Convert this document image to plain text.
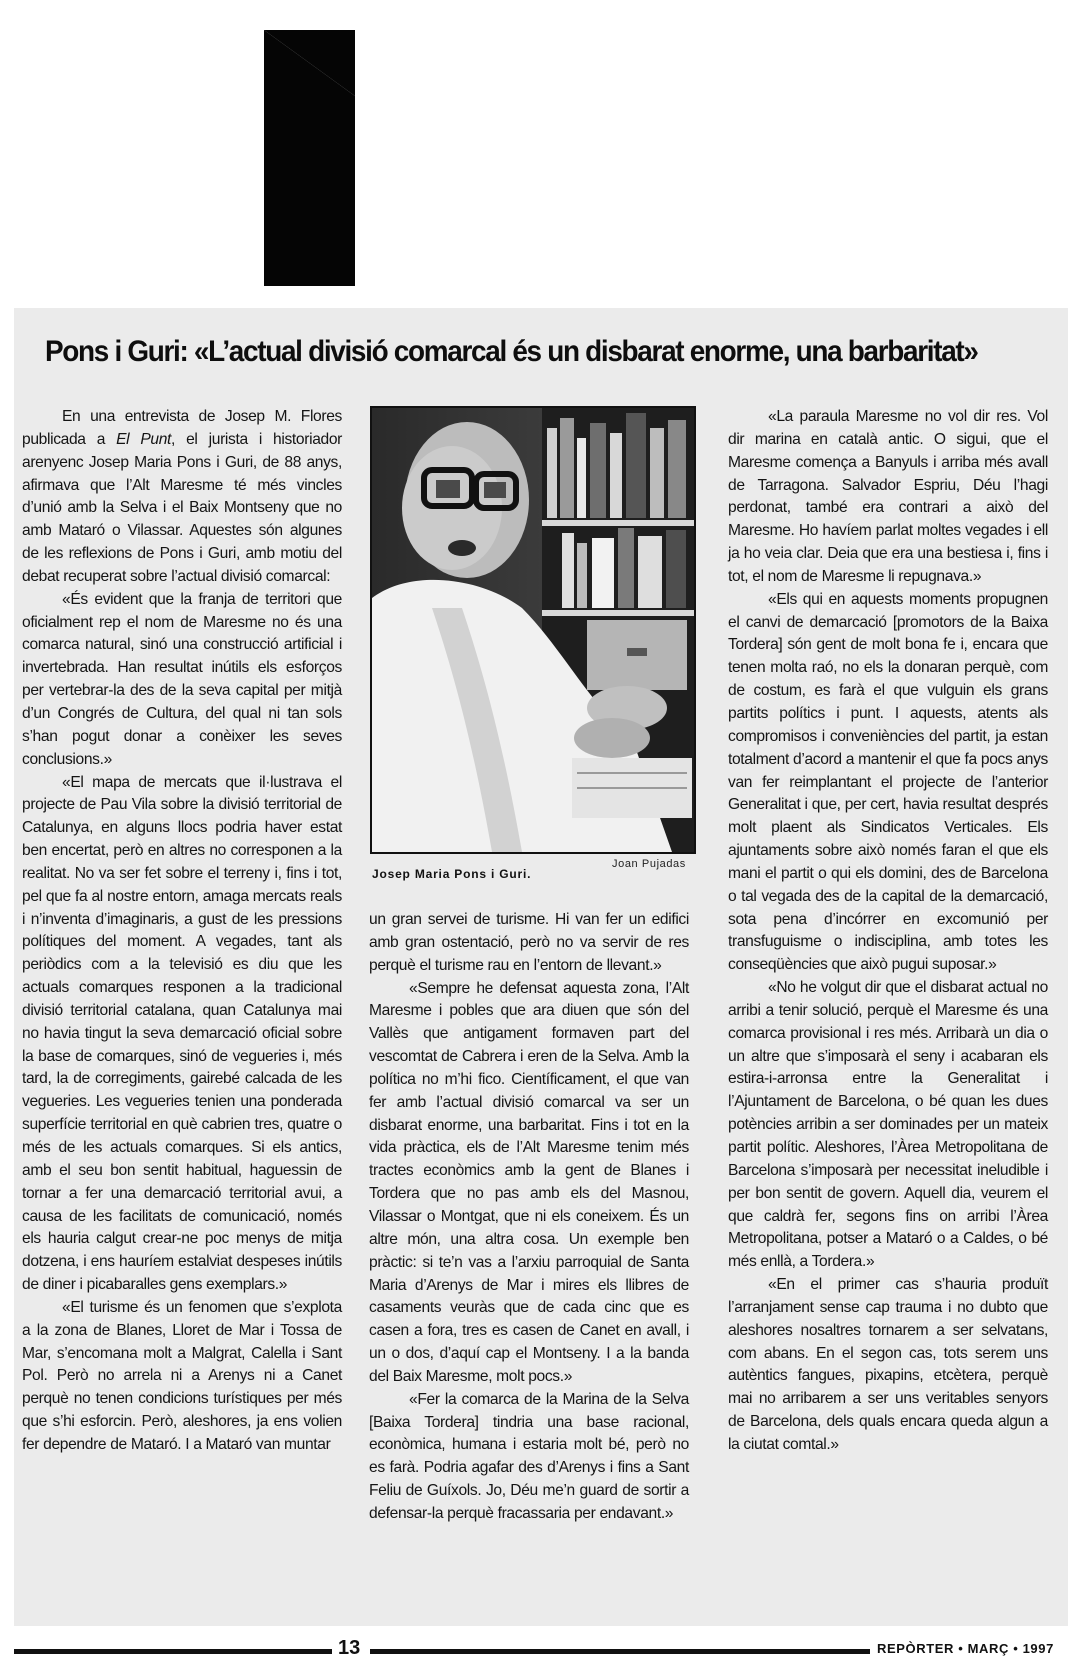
Pons i Guri: «L’actual divisió comarcal és un disbarat enorme, una barbaritat»

En una entrevista de Josep M. Flores publicada a El Punt, el jurista i historiador arenyenc Josep Maria Pons i Guri, de 88 anys, afirmava que l’Alt Maresme té més vincles d’unió amb la Selva i el Baix Montseny que no amb Mataró o Vilassar. Aquestes són algunes de les reflexions de Pons i Guri, amb motiu del debat recuperat sobre l’actual divisió comarcal:

«És evident que la franja de territori que oficialment rep el nom de Maresme no és una comarca natural, sinó una construcció artificial i invertebrada. Han resultat inútils els esforços per vertebrar-la des de la seva capital per mitjà d’un Congrés de Cultura, del qual ni tan sols s’han pogut donar a conèixer les seves conclusions.»

«El mapa de mercats que il·lustrava el projecte de Pau Vila sobre la divisió territorial de Catalunya, en alguns llocs podria haver estat ben encertat, però en altres no corresponen a la realitat. No va ser fet sobre el terreny i, fins i tot, pel que fa al nostre entorn, amaga mercats reals i n’inventa d’imaginaris, a gust de les pressions polítiques del moment. A vegades, tant als periòdics com a la televisió es diu que les actuals comarques responen a la tradicional divisió territorial catalana, quan Catalunya mai no havia tingut la seva demarcació oficial sobre la base de comarques, sinó de vegueries i, més tard, la de corregiments, gairebé calcada de les vegueries. Les vegueries tenien una ponderada superfície territorial en què cabrien tres, quatre o més de les actuals comarques. Si els antics, amb el seu bon sentit habitual, haguessin de tornar a fer una demarcació territorial avui, a causa de les facilitats de comunicació, només els hauria calgut crear-ne poc menys de mitja dotzena, i ens hauríem estalviat despeses inútils de diner i picabaralles gens exemplars.»

«El turisme és un fenomen que s’explota a la zona de Blanes, Lloret de Mar i Tossa de Mar, s’encomana molt a Malgrat, Calella i Sant Pol. Però no arrela ni a Arenys ni a Canet perquè no tenen condicions turístiques per més que s’hi esforcin. Però, aleshores, ja ens volien fer dependre de Mataró. I a Mataró van muntar

Joan Pujadas
Josep Maria Pons i Guri.

un gran servei de turisme. Hi van fer un edifici amb gran ostentació, però no va servir de res perquè el turisme rau en l’entorn de llevant.»

«Sempre he defensat aquesta zona, l’Alt Maresme i pobles que ara diuen que són del Vallès que antigament formaven part del vescomtat de Cabrera i eren de la Selva. Amb la política no m’hi fico. Científicament, el que van fer amb l’actual divisió comarcal va ser un disbarat enorme, una barbaritat. Fins i tot en la vida pràctica, els de l’Alt Maresme tenim més tractes econòmics amb la gent de Blanes i Tordera que no pas amb els del Masnou, Vilassar o Montgat, que ni els coneixem. És un altre món, una altra cosa. Un exemple ben pràctic: si te’n vas a l’arxiu parroquial de Santa Maria d’Arenys de Mar i mires els llibres de casaments veuràs que de cada cinc que es casen a fora, tres es casen de Canet en avall, i un o dos, d’aquí cap el Montseny. I a la banda del Baix Maresme, molt pocs.»

«Fer la comarca de la Marina de la Selva [Baixa Tordera] tindria una base racional, econòmica, humana i estaria molt bé, però no es farà. Podria agafar des d’Arenys i fins a Sant Feliu de Guíxols. Jo, Déu me’n guard de sortir a defensar-la perquè fracassaria per endavant.»

«La paraula Maresme no vol dir res. Vol dir marina en català antic. O sigui, que el Maresme comença a Banyuls i arriba més avall de Tarragona. Salvador Espriu, Déu l’hagi perdonat, també era contrari a això del Maresme. Ho havíem parlat moltes vegades i ell ja ho veia clar. Deia que era una bestiesa i, fins i tot, el nom de Maresme li repugnava.»

«Els qui en aquests moments propugnen el canvi de demarcació [promotors de la Baixa Tordera] són gent de molt bona fe i, encara que tenen molta raó, no els la donaran perquè, com de costum, es farà el que vulguin els grans partits polítics i punt. I aquests, atents als compromisos i conveniències del partit, ja estan totalment d’acord a mantenir el que fa pocs anys van fer reimplantant el projecte de l’anterior Generalitat i que, per cert, havia resultat després molt plaent als Sindicatos Verticales. Els ajuntaments sobre això només faran el que els mani el partit o qui els domini, des de Barcelona o tal vegada des de la capital de la demarcació, sota pena d’incórrer en excomunió per transfuguisme o indisciplina, amb totes les conseqüències que això pugui suposar.»

«No he volgut dir que el disbarat actual no arribi a tenir solució, perquè el Maresme és una comarca provisional i res més. Arribarà un dia o un altre que s’imposarà el seny i acabaran els estira-i-arronsa entre la Generalitat i l’Ajuntament de Barcelona, o bé quan les dues potències arribin a ser dominades per un mateix partit polític. Aleshores, l’Àrea Metropolitana de Barcelona s’imposarà per necessitat ineludible i per bon sentit de govern. Aquell dia, veurem el que caldrà fer, segons fins on arribi l’Àrea Metropolitana, potser a Mataró o a Caldes, o bé més enllà, a Tordera.»

«En el primer cas s’hauria produït l’arranjament sense cap trauma i no dubto que aleshores nosaltres tornarem a ser selvatans, com abans. En el segon cas, tots serem uns autèntics fangues, pixapins, etcètera, perquè mai no arribarem a ser uns veritables senyors de Barcelona, dels quals encara queda algun a la ciutat comtal.»

13	REPÒRTER • MARÇ • 1997
